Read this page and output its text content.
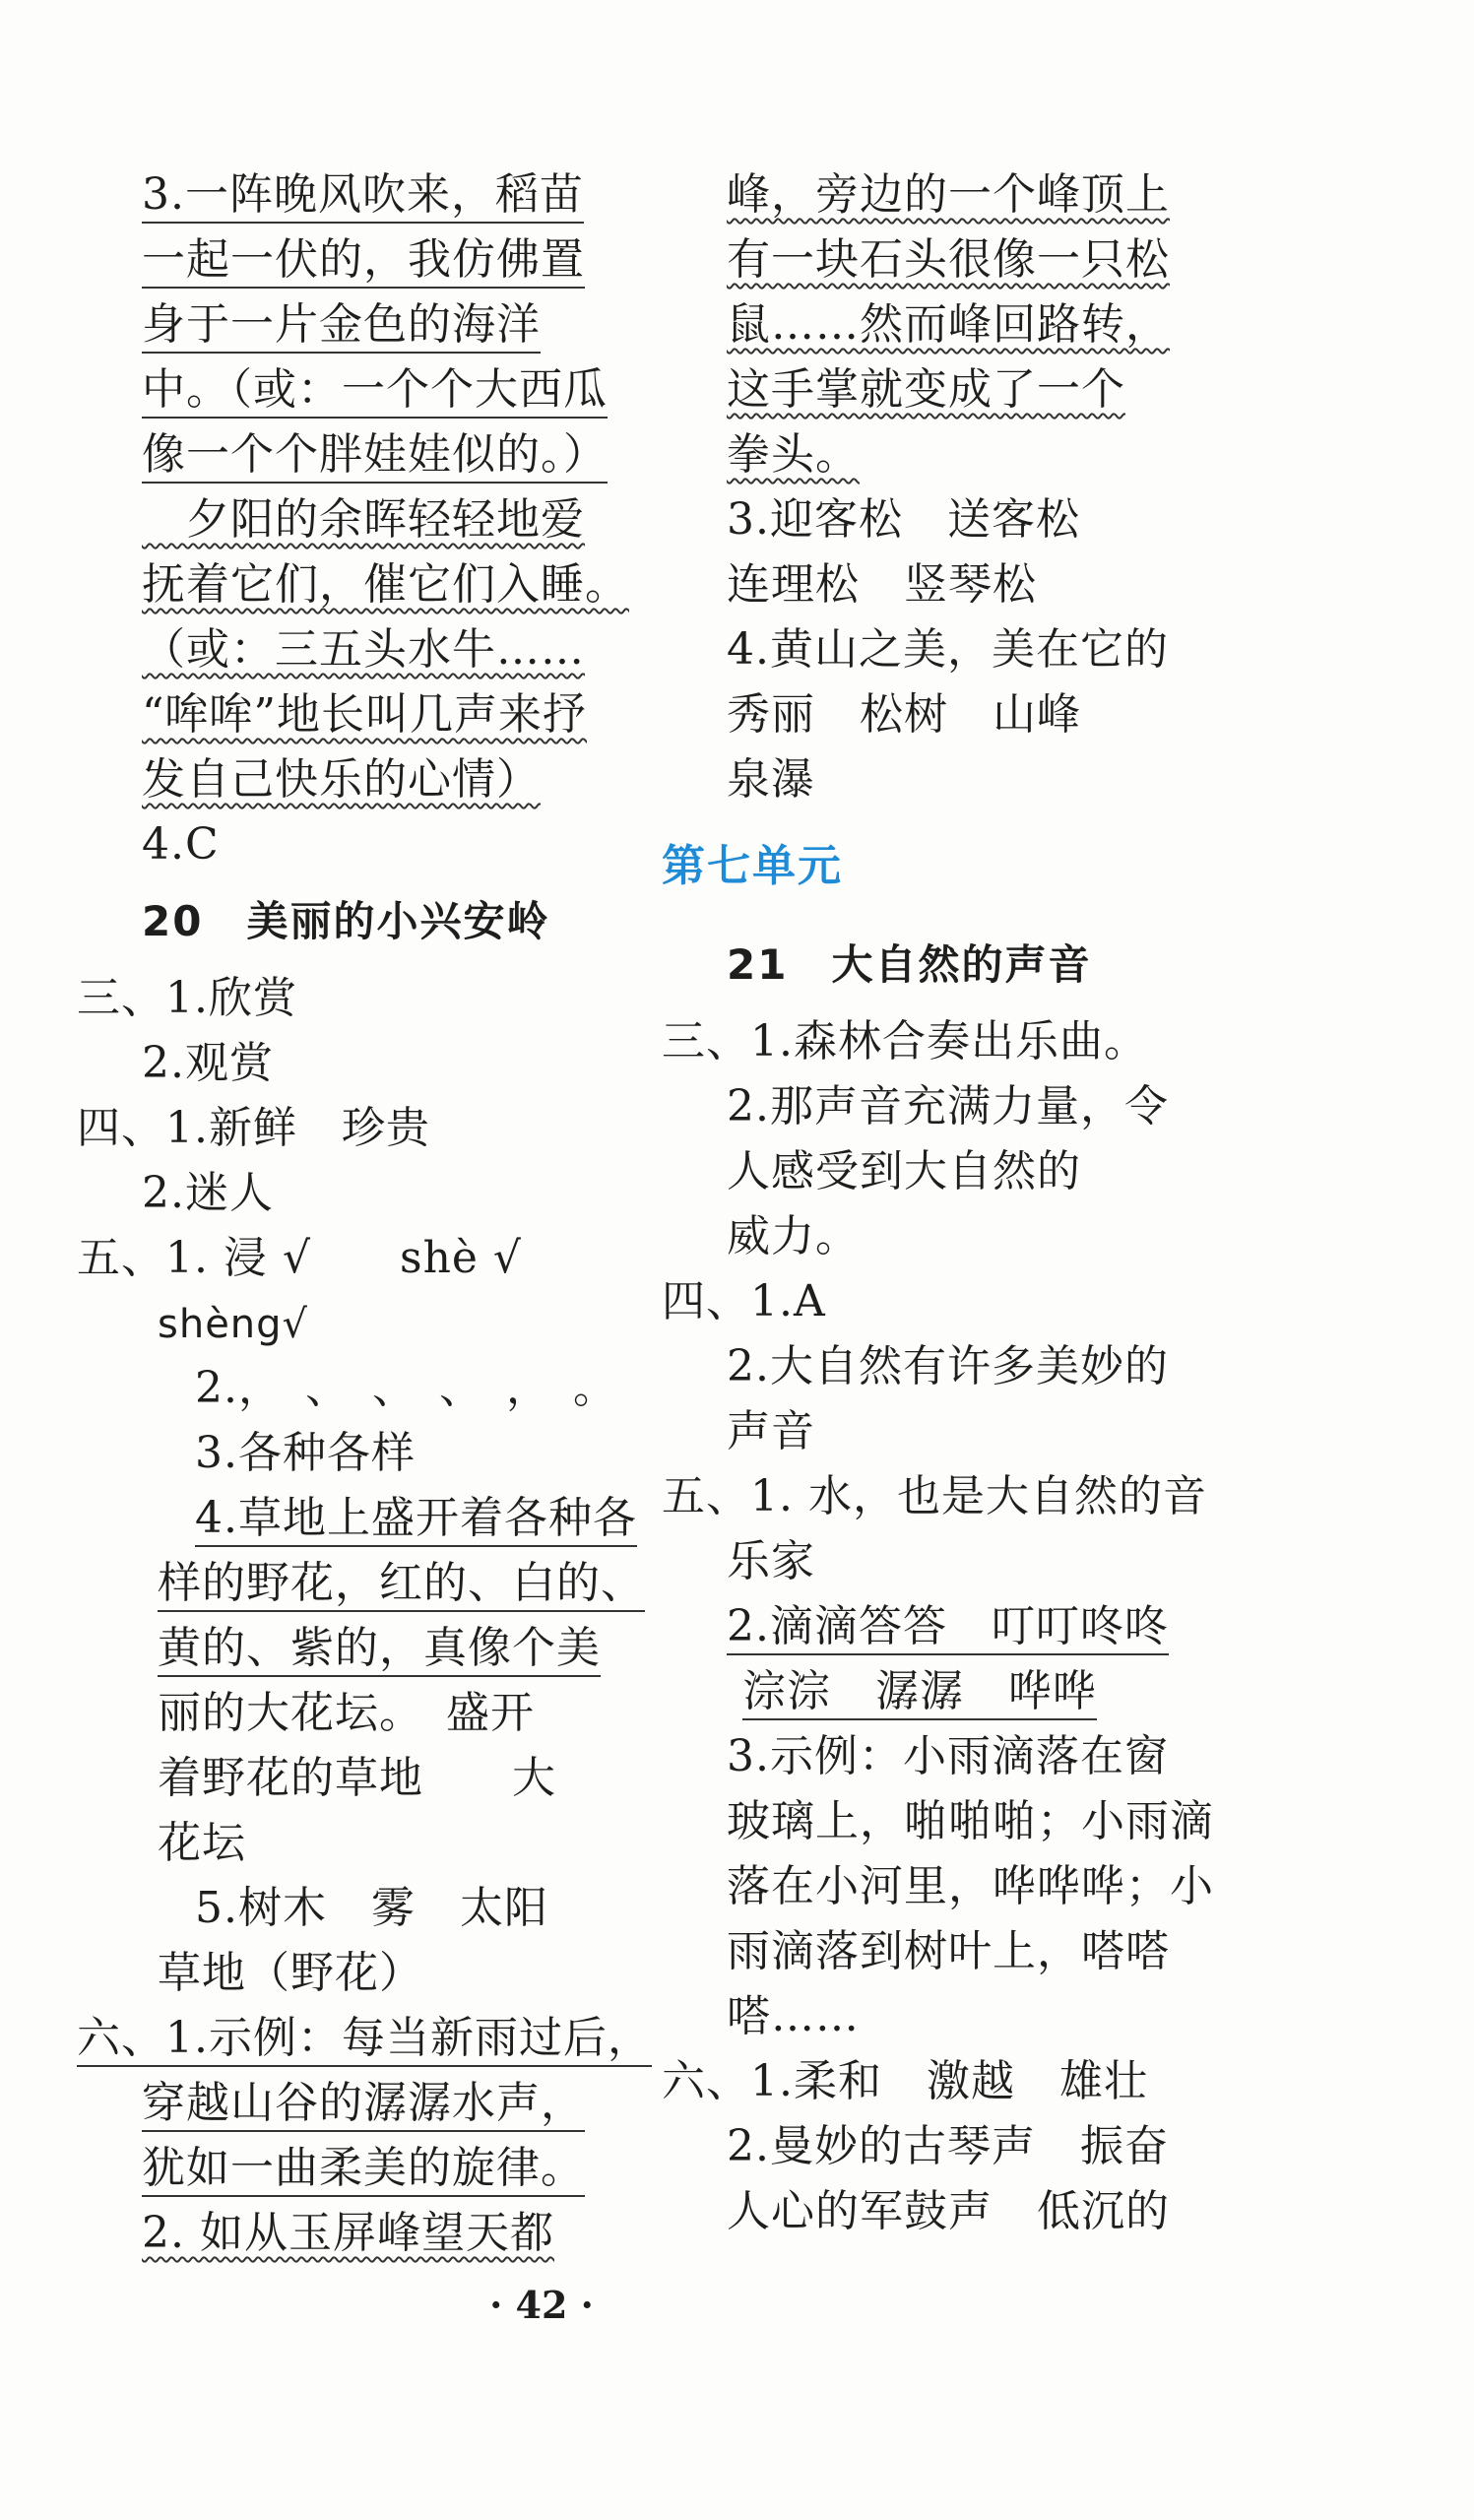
3.一阵晚风吹来，稻苗
一起一伏的，我仿佛置
身于一片金色的海洋
中。（或：一个个大西瓜
像一个个胖娃娃似的。）
　夕阳的余晖轻轻地爱
抚着它们，催它们入睡。
（或：三五头水牛……
“哞哞”地长叫几声来抒
发自己快乐的心情）
4.C
20　美丽的小兴安岭
三、1.欣赏
2.观赏
四、1.新鲜　珍贵
2.迷人
五、1. 浸 √　　shè √
shèng√
2.，　、　、　、　，　。
3.各种各样
4.草地上盛开着各种各
样的野花，红的、白的、
黄的、紫的，真像个美
丽的大花坛。　盛开
着野花的草地　　大
花坛
5.树木　雾　太阳
草地（野花）
六、1.示例：每当新雨过后，
穿越山谷的潺潺水声，
犹如一曲柔美的旋律。
2. 如从玉屏峰望天都
峰，旁边的一个峰顶上
有一块石头很像一只松
鼠……然而峰回路转，
这手掌就变成了一个
拳头。
3.迎客松　送客松
连理松　竖琴松
4.黄山之美，美在它的
秀丽　松树　山峰
泉瀑
第七单元
21　大自然的声音
三、1.森林合奏出乐曲。
2.那声音充满力量，令
人感受到大自然的
威力。
四、1.A
2.大自然有许多美妙的
声音
五、1. 水，也是大自然的音
乐家
2.滴滴答答　叮叮咚咚
淙淙　潺潺　哗哗
3.示例：小雨滴落在窗
玻璃上，啪啪啪；小雨滴
落在小河里，哗哗哗；小
雨滴落到树叶上，嗒嗒
嗒……
六、1.柔和　激越　雄壮
2.曼妙的古琴声　振奋
人心的军鼓声　低沉的
· 42 ·
